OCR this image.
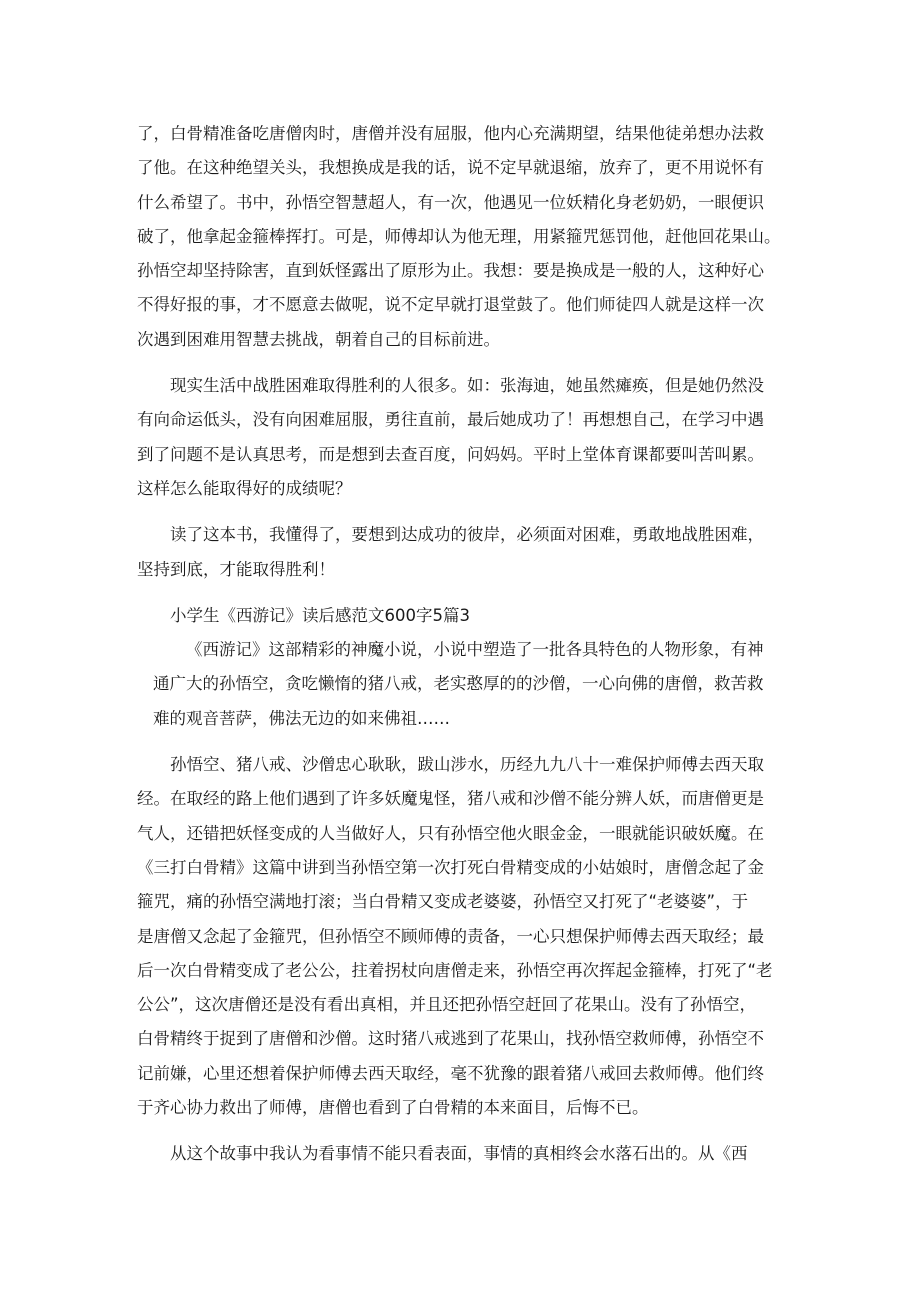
了，白骨精准备吃唐僧肉时，唐僧并没有屈服，他内心充满期望，结果他徒弟想办法救
了他。在这种绝望关头，我想换成是我的话，说不定早就退缩，放弃了，更不用说怀有
什么希望了。书中，孙悟空智慧超人，有一次，他遇见一位妖精化身老奶奶，一眼便识
破了，他拿起金箍棒挥打。可是，师傅却认为他无理，用紧箍咒惩罚他，赶他回花果山。
孙悟空却坚持除害，直到妖怪露出了原形为止。我想：要是换成是一般的人，这种好心
不得好报的事，才不愿意去做呢，说不定早就打退堂鼓了。他们师徒四人就是这样一次
次遇到困难用智慧去挑战，朝着自己的目标前进。
现实生活中战胜困难取得胜利的人很多。如：张海迪，她虽然瘫痪，但是她仍然没
有向命运低头，没有向困难屈服，勇往直前，最后她成功了！再想想自己，在学习中遇
到了问题不是认真思考，而是想到去查百度，问妈妈。平时上堂体育课都要叫苦叫累。
这样怎么能取得好的成绩呢？
读了这本书，我懂得了，要想到达成功的彼岸，必须面对困难，勇敢地战胜困难，
坚持到底，才能取得胜利！
小学生《西游记》读后感范文600字5篇3
《西游记》这部精彩的神魔小说，小说中塑造了一批各具特色的人物形象，有神
通广大的孙悟空，贪吃懒惰的猪八戒，老实憨厚的的沙僧，一心向佛的唐僧，救苦救
难的观音菩萨，佛法无边的如来佛祖……
孙悟空、猪八戒、沙僧忠心耿耿，跋山涉水，历经九九八十一难保护师傅去西天取
经。在取经的路上他们遇到了许多妖魔鬼怪，猪八戒和沙僧不能分辨人妖，而唐僧更是
气人，还错把妖怪变成的人当做好人，只有孙悟空他火眼金金，一眼就能识破妖魔。在
《三打白骨精》这篇中讲到当孙悟空第一次打死白骨精变成的小姑娘时，唐僧念起了金
箍咒，痛的孙悟空满地打滚；当白骨精又变成老婆婆，孙悟空又打死了“老婆婆”，于
是唐僧又念起了金箍咒，但孙悟空不顾师傅的责备，一心只想保护师傅去西天取经；最
后一次白骨精变成了老公公，拄着拐杖向唐僧走来，孙悟空再次挥起金箍棒，打死了“老
公公”，这次唐僧还是没有看出真相，并且还把孙悟空赶回了花果山。没有了孙悟空，
白骨精终于捉到了唐僧和沙僧。这时猪八戒逃到了花果山，找孙悟空救师傅，孙悟空不
记前嫌，心里还想着保护师傅去西天取经，毫不犹豫的跟着猪八戒回去救师傅。他们终
于齐心协力救出了师傅，唐僧也看到了白骨精的本来面目，后悔不已。
从这个故事中我认为看事情不能只看表面，事情的真相终会水落石出的。从《西
